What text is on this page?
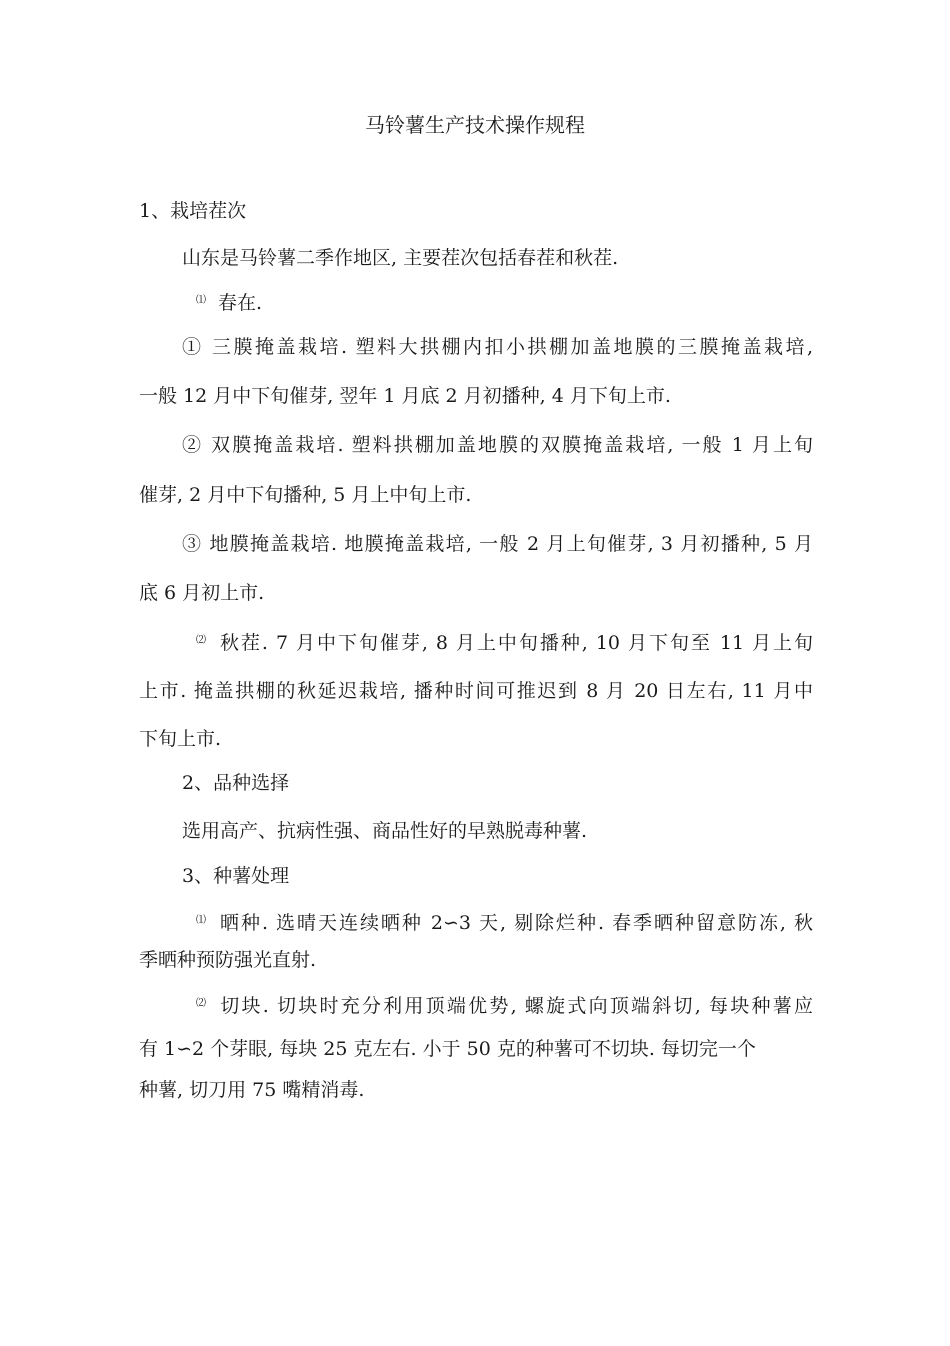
马铃薯生产技术操作规程
1、栽培茬次
山东是马铃薯二季作地区, 主要茬次包括春茬和秋茬.
⑴ 春在.
① 三膜掩盖栽培. 塑料大拱棚内扣小拱棚加盖地膜的三膜掩盖栽培,
一般 12 月中下旬催芽, 翌年 1 月底 2 月初播种, 4 月下旬上市.
② 双膜掩盖栽培. 塑料拱棚加盖地膜的双膜掩盖栽培, 一般 1 月上旬
催芽, 2 月中下旬播种, 5 月上中旬上市.
③ 地膜掩盖栽培. 地膜掩盖栽培, 一般 2 月上旬催芽, 3 月初播种, 5 月
底 6 月初上市.
⑵ 秋茬. 7 月中下旬催芽, 8 月上中旬播种, 10 月下旬至 11 月上旬
上市. 掩盖拱棚的秋延迟栽培, 播种时间可推迟到 8 月 20 日左右, 11 月中
下旬上市.
2、品种选择
选用高产、抗病性强、商品性好的早熟脱毒种薯.
3、种薯处理
⑴ 晒种. 选晴天连续晒种 2∽3 天, 剔除烂种. 春季晒种留意防冻, 秋
季晒种预防强光直射.
⑵ 切块. 切块时充分利用顶端优势, 螺旋式向顶端斜切, 每块种薯应
有 1∽2 个芽眼, 每块 25 克左右. 小于 50 克的种薯可不切块. 每切完一个
种薯, 切刀用 75 嘴精消毒.
